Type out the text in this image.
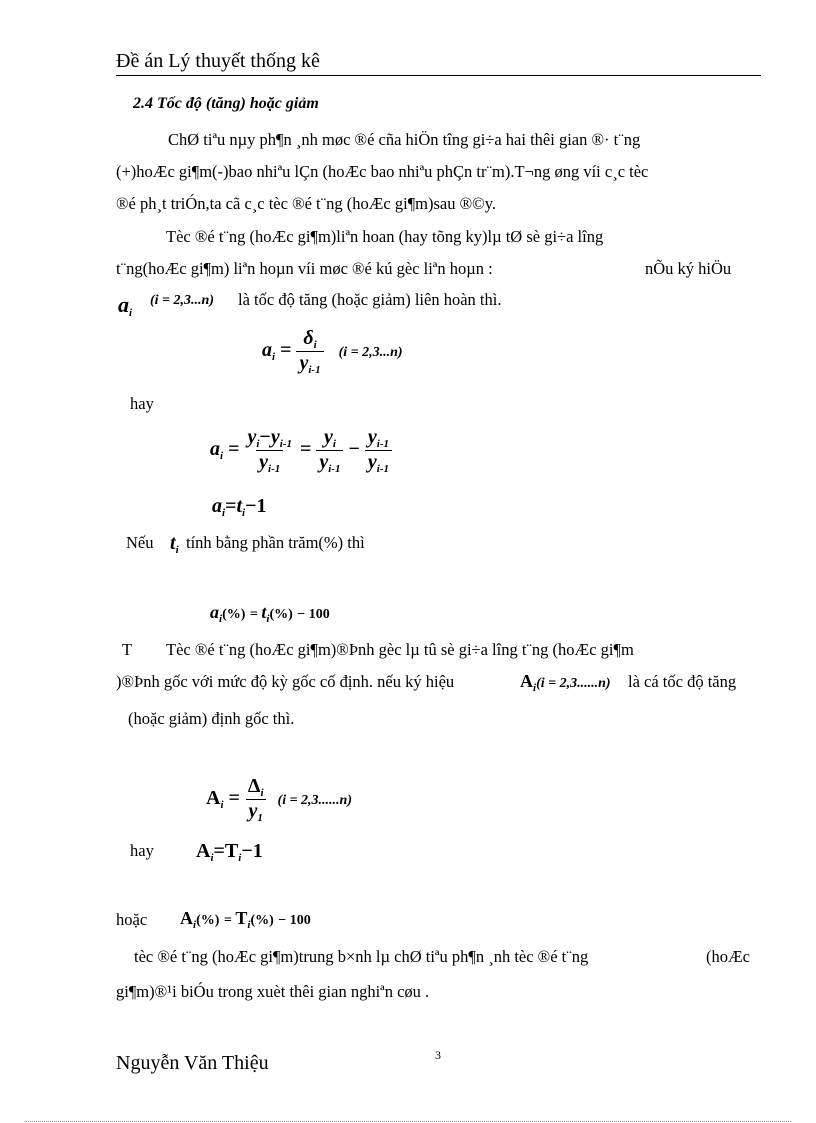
Đề án Lý thuyết thống kê
2.4 Tốc độ (tăng) hoặc giảm
ChØ tiªu nµy ph¶n ¸nh møc ®é cña hiÖn tîng gi÷a hai thêi gian ®· t¨ng
(+)hoÆc gi¶m(-)bao nhiªu lÇn (hoÆc bao nhiªu phÇn tr¨m).T¬ng øng víi c¸c tèc
®é ph¸t triÓn,ta cã c¸c tèc ®é t¨ng (hoÆc gi¶m)sau ®©y.
Tèc ®é t¨ng (hoÆc gi¶m)liªn hoan (hay tõng ky)lµ tØ sè gi÷a lîng
t¨ng(hoÆc gi¶m) liªn hoµn víi møc ®é kú gèc liªn hoµn :	nÕu ký hiÖu
$a_i$
(i = 2,3...n) là tốc độ tăng (hoặc giảm) liên hoàn thì.
$a_i = \frac{\delta_i}{y_{i-1}} (i = 2,3...n)$
hay
$a_i = \frac{y_i-y_{i-1}}{y_{i-1}} = \frac{y_i}{y_{i-1}} - \frac{y_{i-1}}{y_{i-1}}$
$a_i=t_i-1$
Nếu $t_i$ tính bằng phần trăm(%) thì
$a_i(\%) = t_i(\%) - 100$
T Tèc ®é t¨ng (hoÆc gi¶m)®Þnh gèc lµ tû sè gi÷a lîng t¨ng (hoÆc gi¶m
)®Þnh gốc với mức độ kỳ gốc cố định. nếu ký hiệu	$A_i(i = 2,3......n)$ là cá tốc độ tăng
(hoặc giảm) định gốc thì.
$A_i = \frac{\Delta_i}{y_1} (i = 2,3......n)$
hay $A_i=T_i-1$
hoặc $A_i(\%) = T_i(\%) - 100$
tèc ®é t¨ng (hoÆc gi¶m)trung b×nh lµ chØ tiªu ph¶n ¸nh tèc ®é t¨ng	(hoÆc
gi¶m)®¹i biÓu trong xuèt thêi gian nghiªn cøu .
Nguyễn Văn Thiệu	3
